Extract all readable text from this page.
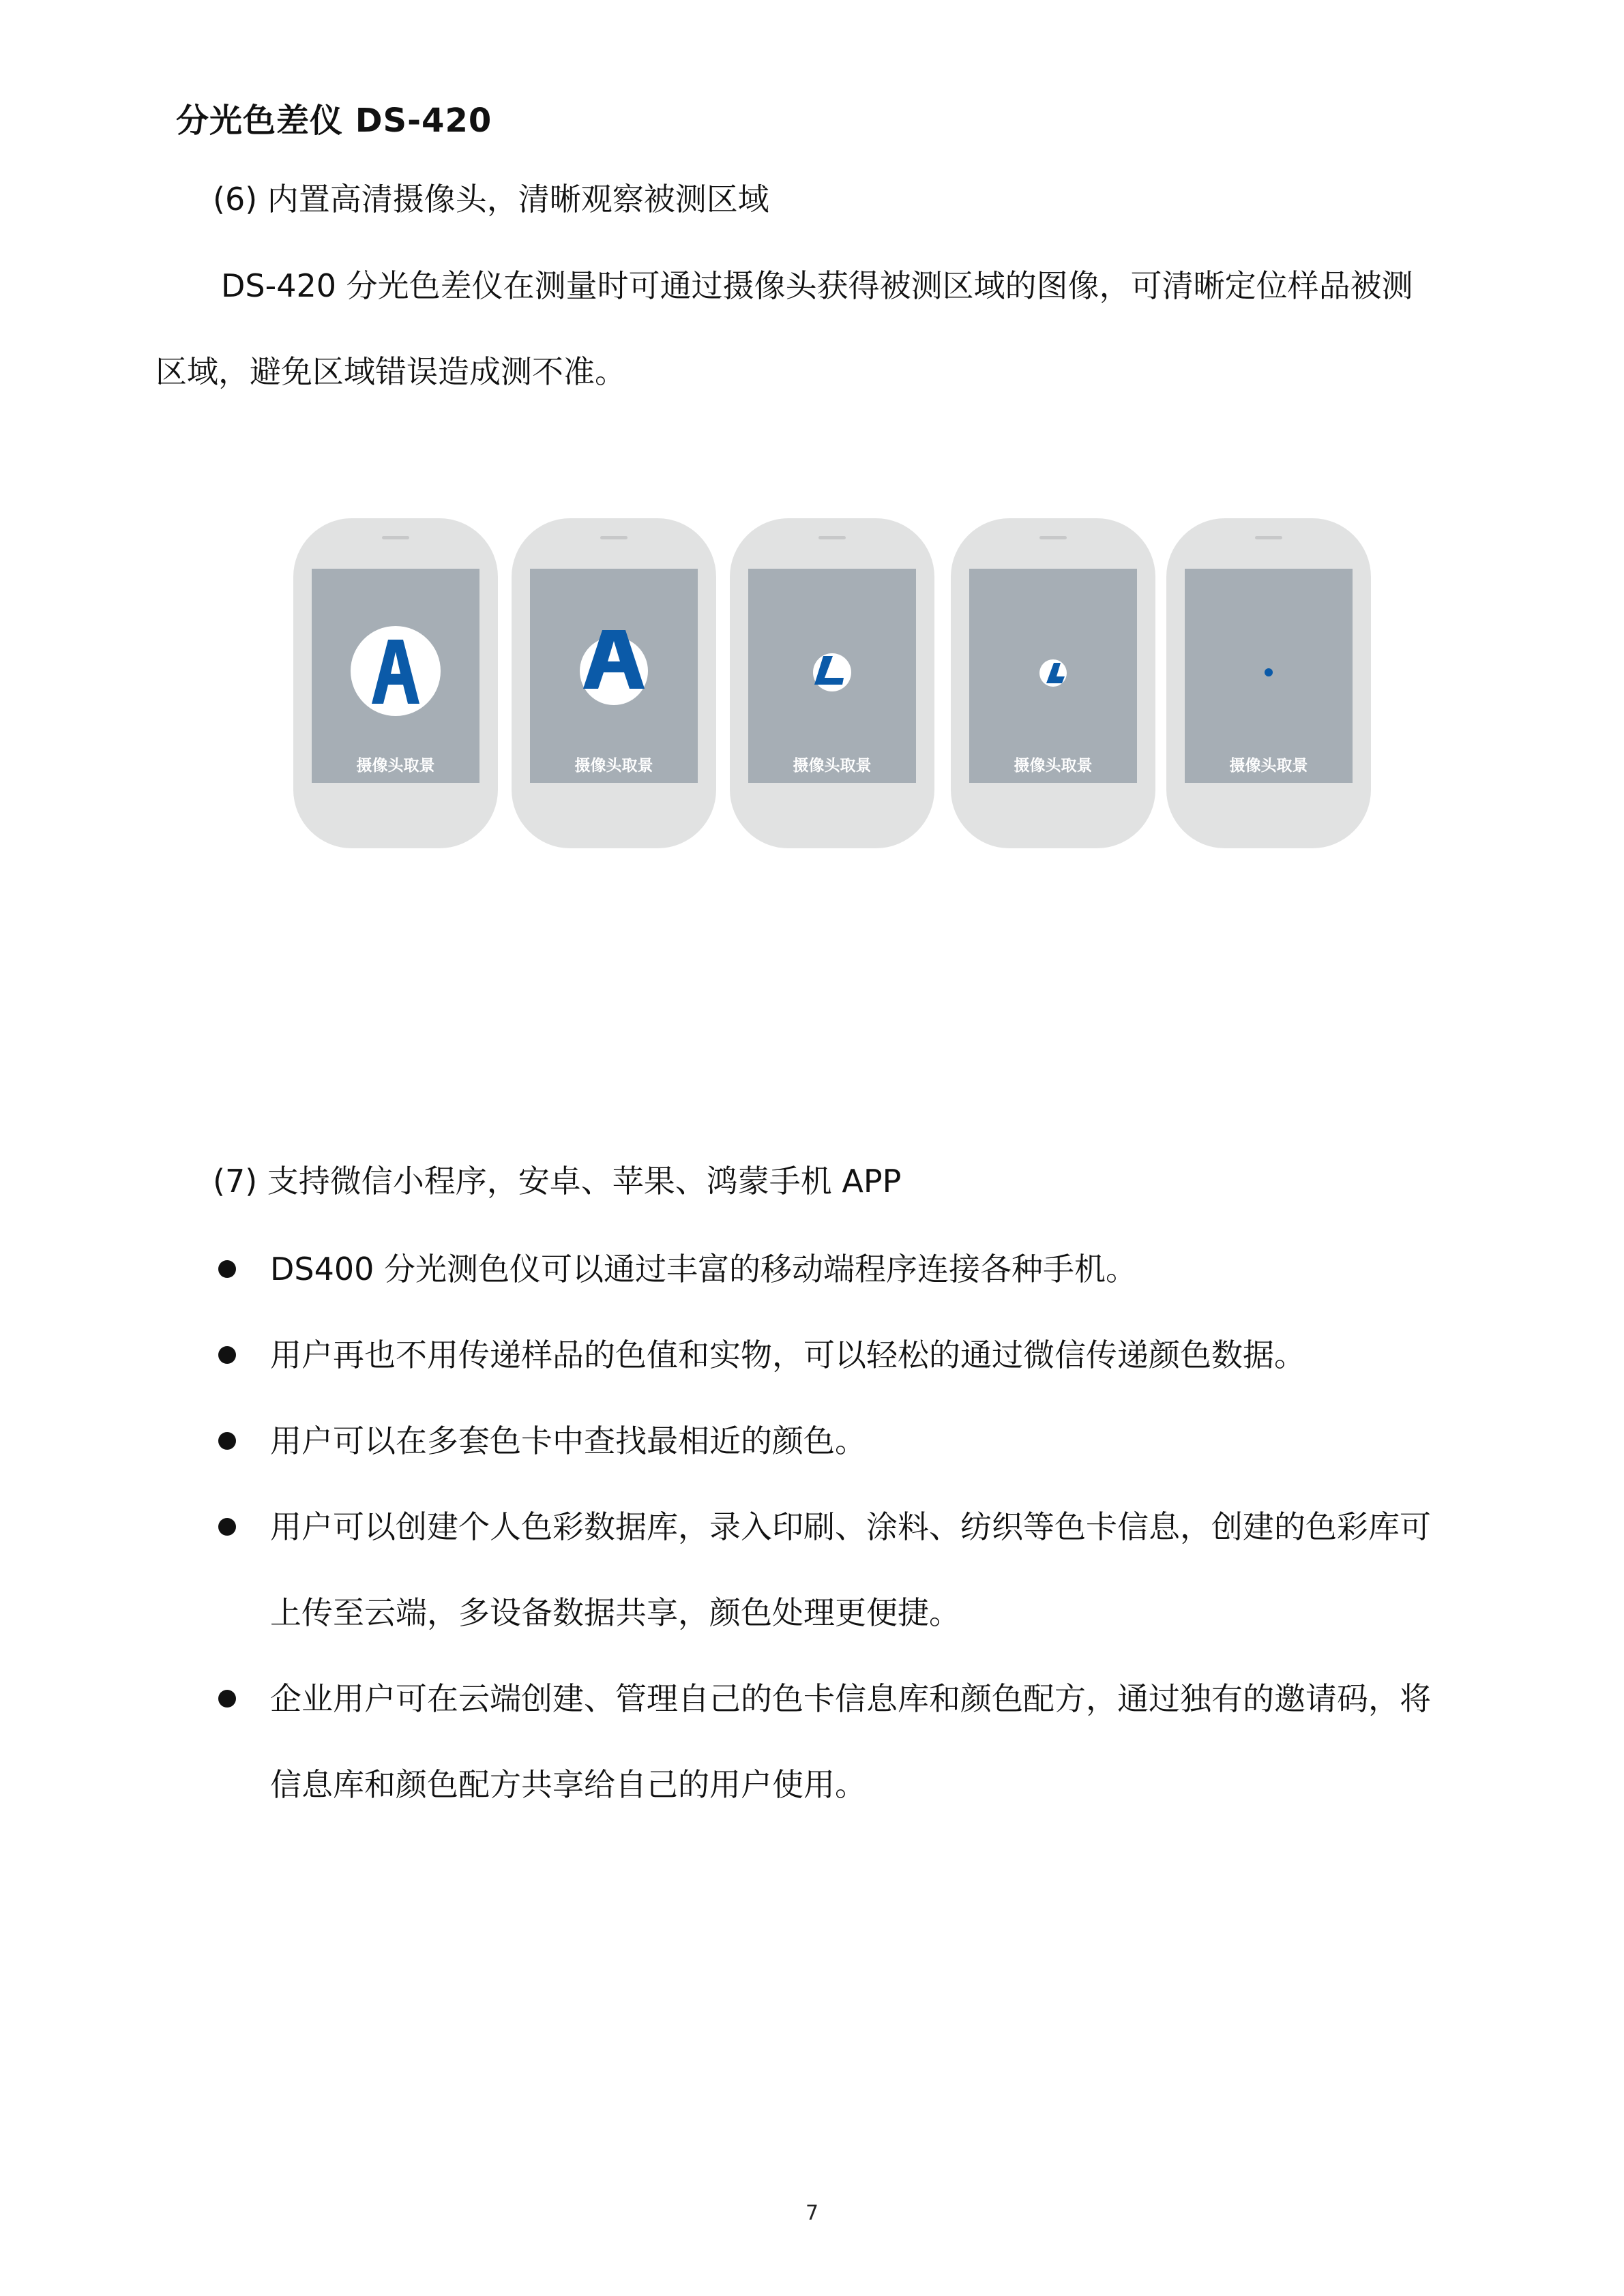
分光色差仪 DS-420
(6) 内置高清摄像头，清晰观察被测区域

DS-420 分光色差仪在测量时可通过摄像头获得被测区域的图像，可清晰定位样品被测
区域，避免区域错误造成测不准。

摄像头取景	摄像头取景	摄像头取景	摄像头取景	摄像头取景
(7) 支持微信小程序，安卓、苹果、鸿蒙手机 APP
DS400 分光测色仪可以通过丰富的移动端程序连接各种手机。
用户再也不用传递样品的色值和实物，可以轻松的通过微信传递颜色数据。
用户可以在多套色卡中查找最相近的颜色。
用户可以创建个人色彩数据库，录入印刷、涂料、纺织等色卡信息，创建的色彩库可
上传至云端，多设备数据共享，颜色处理更便捷。
企业用户可在云端创建、管理自己的色卡信息库和颜色配方，通过独有的邀请码，将
信息库和颜色配方共享给自己的用户使用。
7
